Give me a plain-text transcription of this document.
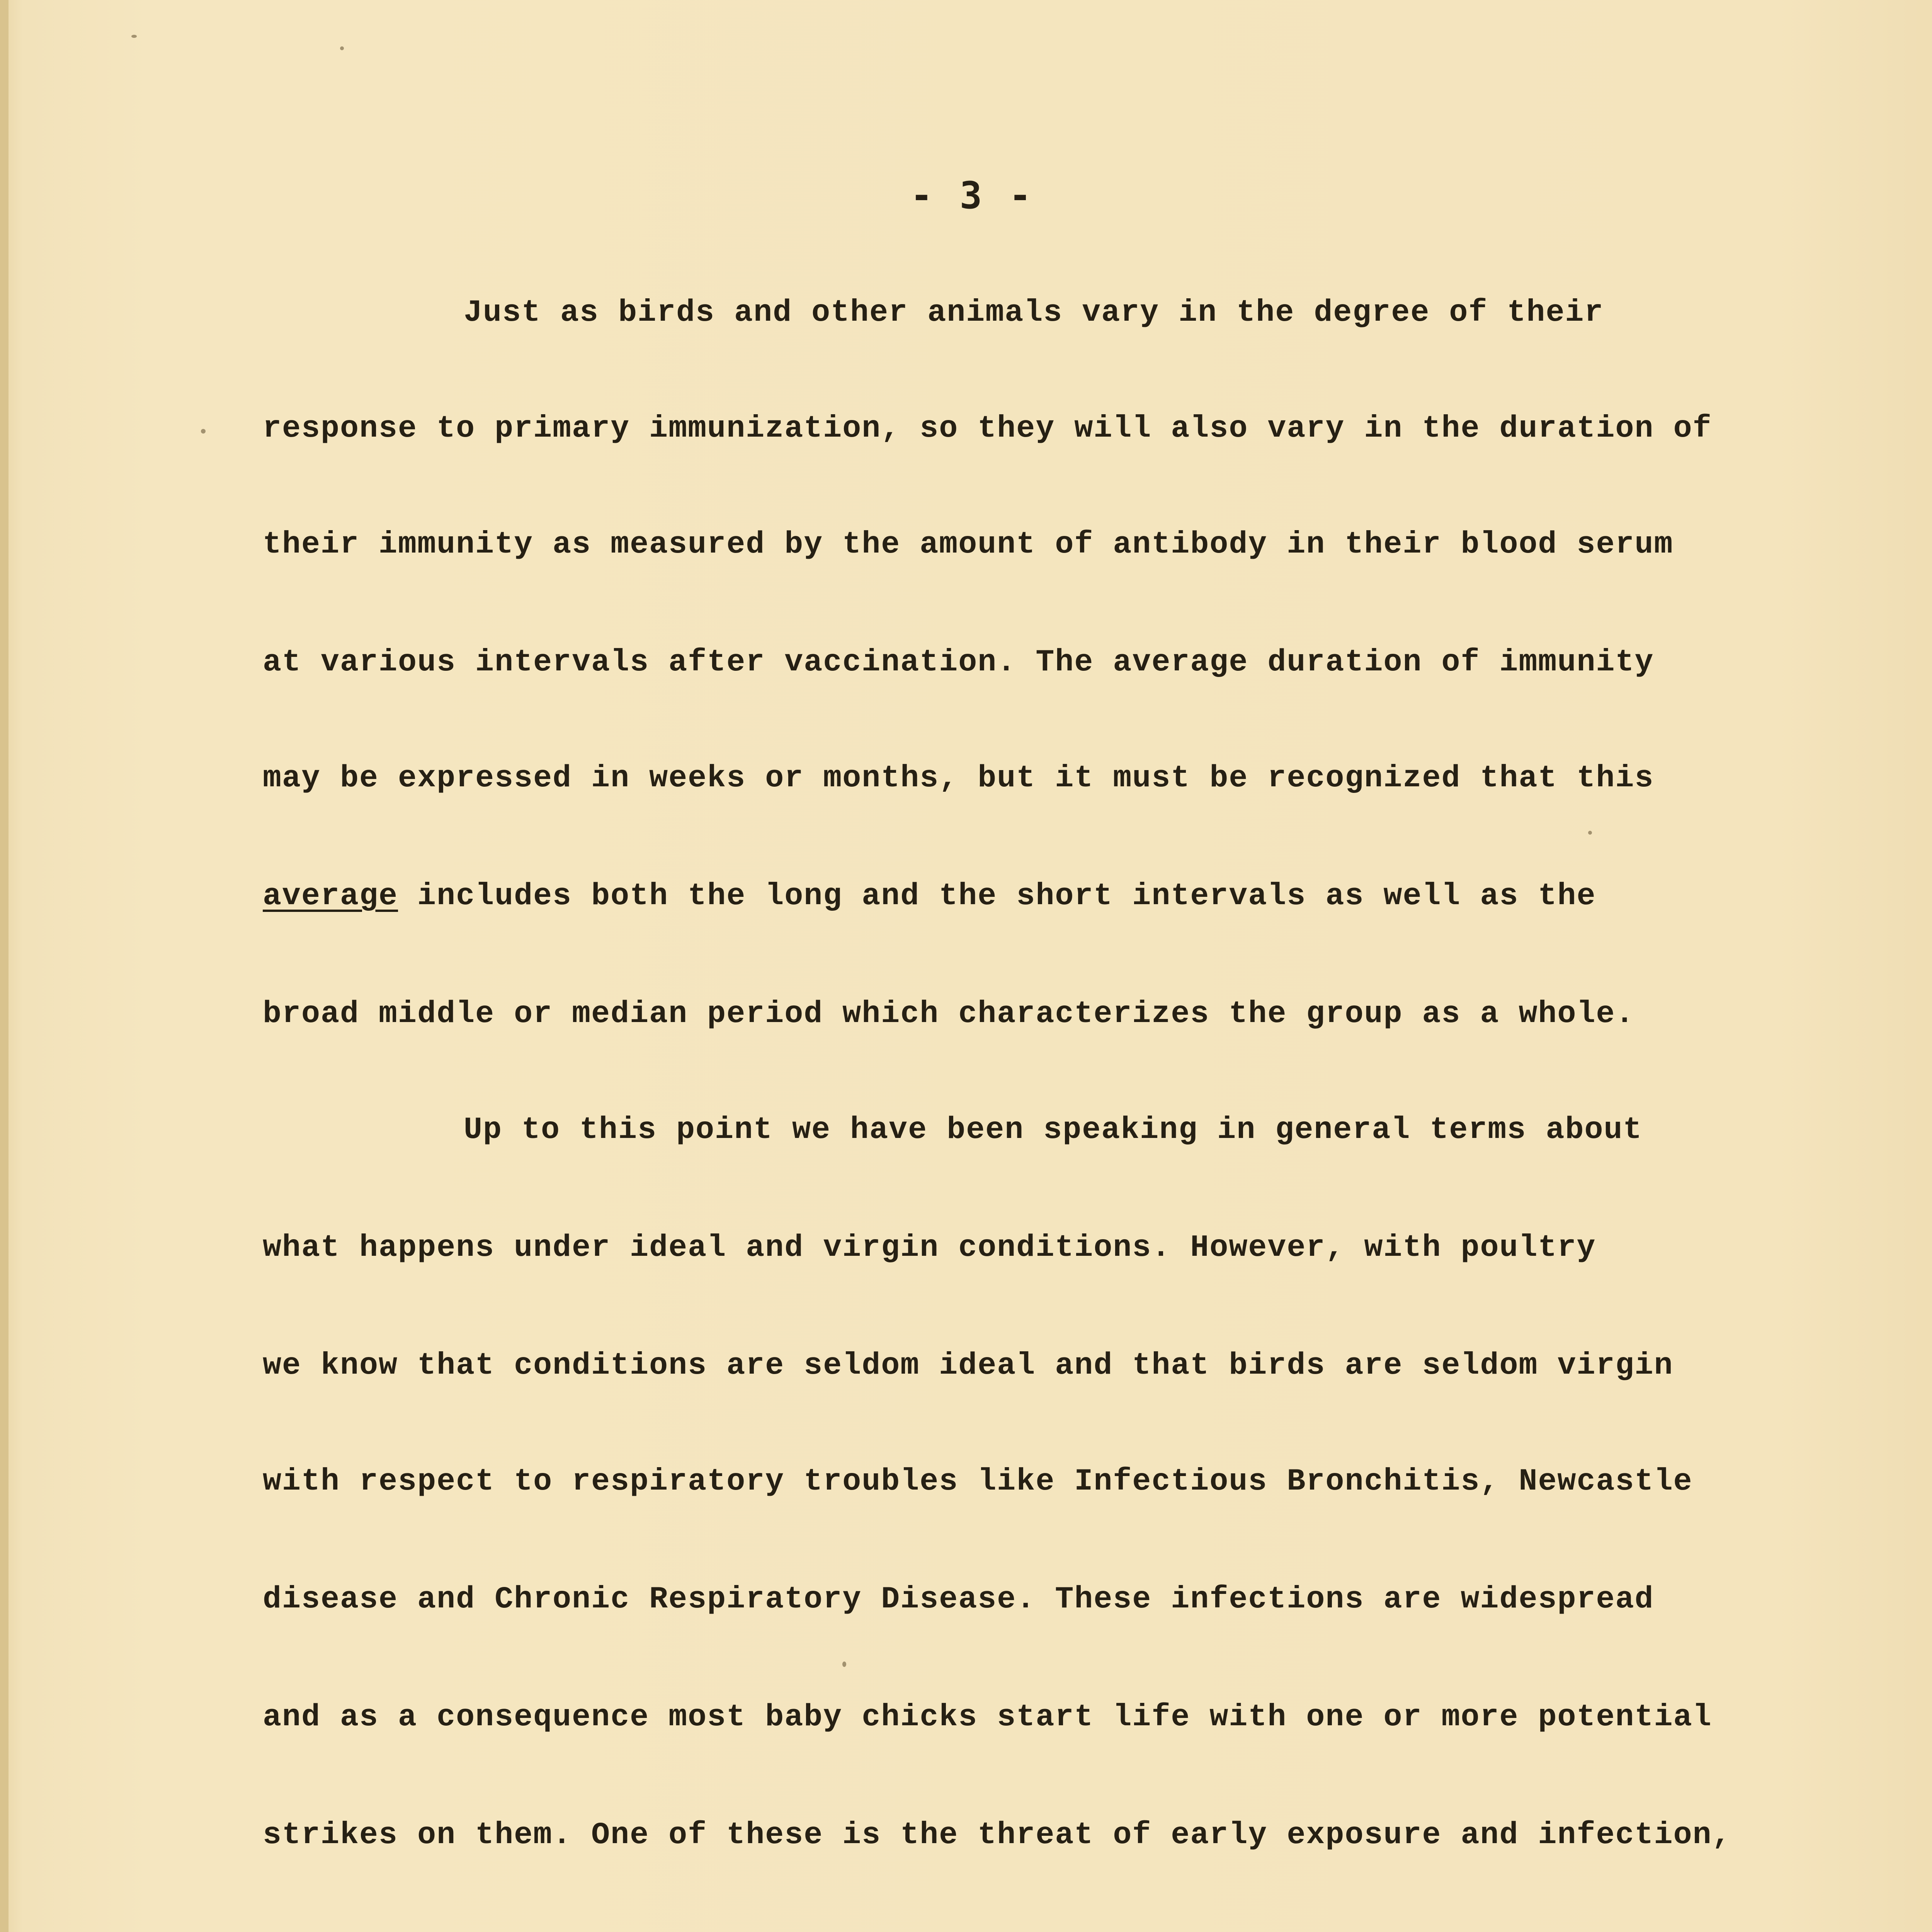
- 3 -
Just as birds and other animals vary in the degree of their
response to primary immunization, so they will also vary in the duration of
their immunity as measured by the amount of antibody in their blood serum
at various intervals after vaccination. The average duration of immunity
may be expressed in weeks or months, but it must be recognized that this
average includes both the long and the short intervals as well as the
broad middle or median period which characterizes the group as a whole.
Up to this point we have been speaking in general terms about
what happens under ideal and virgin conditions. However, with poultry
we know that conditions are seldom ideal and that birds are seldom virgin
with respect to respiratory troubles like Infectious Bronchitis, Newcastle
disease and Chronic Respiratory Disease. These infections are widespread
and as a consequence most baby chicks start life with one or more potential
strikes on them. One of these is the threat of early exposure and infection,
